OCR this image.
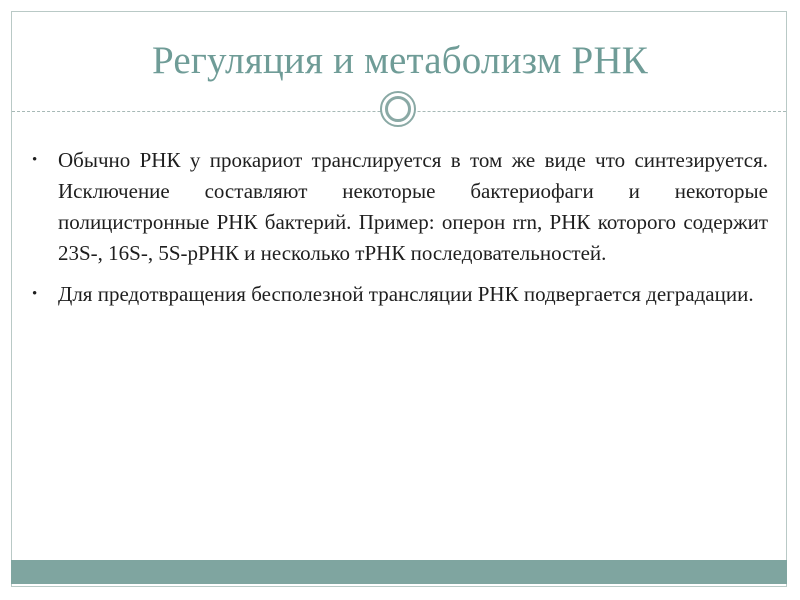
Регуляция и метаболизм РНК
• Обычно РНК у прокариот транслируется в том же виде что синтезируется. Исключение составляют некоторые бактериофаги и некоторые полицистронные РНК бактерий. Пример: оперон rrn, РНК которого содержит 23S-, 16S-, 5S-рРНК и несколько тРНК последовательностей.
• Для предотвращения бесполезной трансляции РНК подвергается деградации.
